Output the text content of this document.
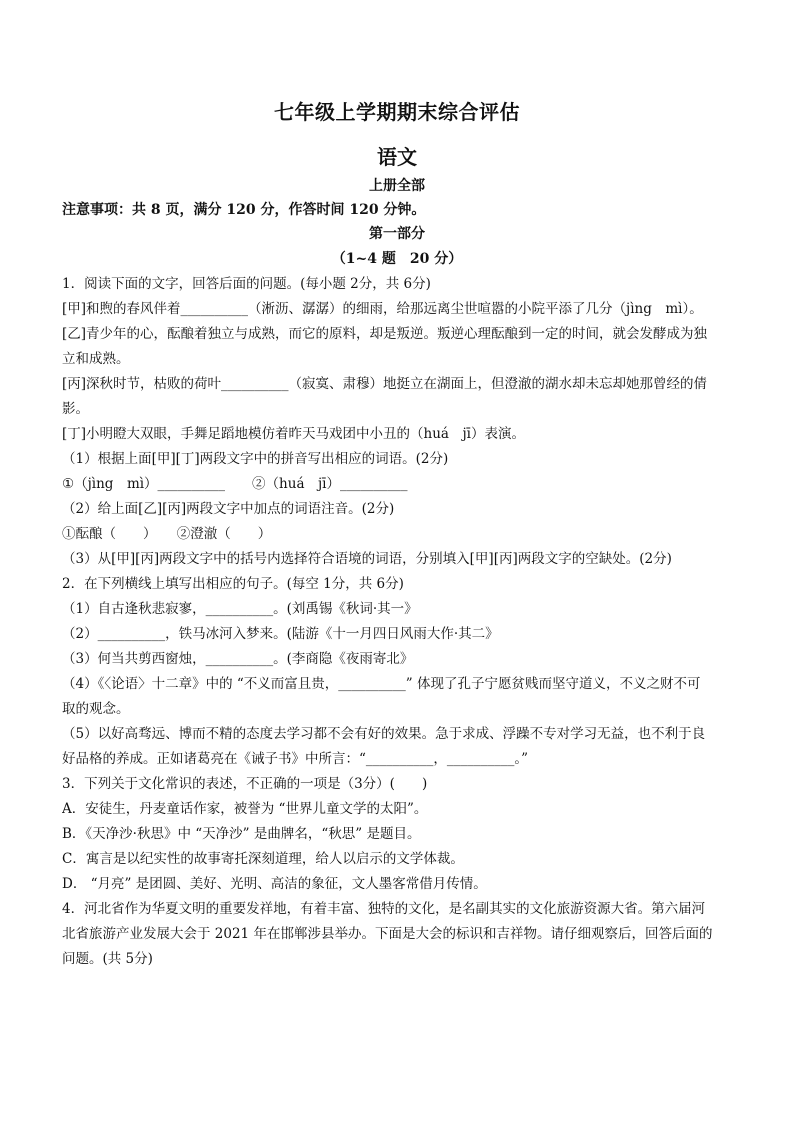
七年级上学期期末综合评估
语文
上册全部
注意事项：共 8 页，满分 120 分，作答时间 120 分钟。
第一部分
（1~4 题　20 分）
1．阅读下面的文字，回答后面的问题。(每小题 2分，共 6分)
[甲]和煦的春风伴着__________（淅沥、潺潺）的细雨，给那远离尘世喧嚣的小院平添了几分（jìng　mì）。
[乙]青少年的心，酝酿着独立与成熟，而它的原料，却是叛逆。叛逆心理酝酿到一定的时间，就会发酵成为独
立和成熟。
[丙]深秋时节，枯败的荷叶__________（寂寞、肃穆）地挺立在湖面上，但澄澈的湖水却未忘却她那曾经的倩
影。
[丁]小明瞪大双眼，手舞足蹈地模仿着昨天马戏团中小丑的（huá　jī）表演。
（1）根据上面[甲][丁]两段文字中的拼音写出相应的词语。(2分)
①（jìng　mì）__________　　②（huá　jī）__________
（2）给上面[乙][丙]两段文字中加点的词语注音。(2分)
①酝酿（　　）　　②澄澈（　　）
（3）从[甲][丙]两段文字中的括号内选择符合语境的词语，分别填入[甲][丙]两段文字的空缺处。(2分)
2．在下列横线上填写出相应的句子。(每空 1分，共 6分)
（1）自古逢秋悲寂寥，__________。(刘禹锡《秋词·其一》
（2）__________，铁马冰河入梦来。(陆游《十一月四日风雨大作·其二》
（3）何当共剪西窗烛，__________。(李商隐《夜雨寄北》
（4）《〈论语〉十二章》中的 “不义而富且贵，__________” 体现了孔子宁愿贫贱而坚守道义，不义之财不可
取的观念。
（5）以好高骛远、博而不精的态度去学习都不会有好的效果。急于求成、浮躁不专对学习无益，也不利于良
好品格的养成。正如诸葛亮在《诫子书》中所言：“__________，__________。”
3．下列关于文化常识的表述，不正确的一项是（3分）(　　)
A．安徒生，丹麦童话作家，被誉为 “世界儿童文学的太阳”。
B．《天净沙·秋思》中 “天净沙” 是曲牌名，“秋思” 是题目。
C．寓言是以纪实性的故事寄托深刻道理，给人以启示的文学体裁。
D． “月亮” 是团圆、美好、光明、高洁的象征，文人墨客常借月传情。
4．河北省作为华夏文明的重要发祥地，有着丰富、独特的文化，是名副其实的文化旅游资源大省。第六届河
北省旅游产业发展大会于 2021 年在邯郸涉县举办。下面是大会的标识和吉祥物。请仔细观察后，回答后面的
问题。(共 5分)
